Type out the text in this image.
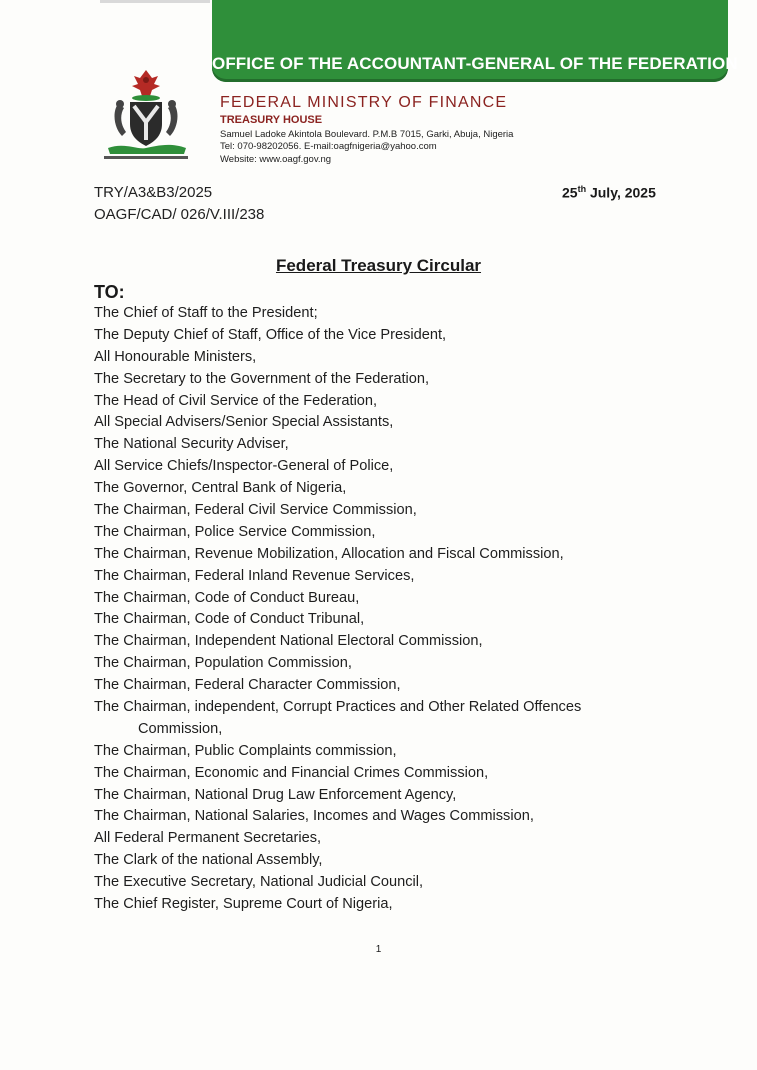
OFFICE OF THE ACCOUNTANT-GENERAL OF THE FEDERATION
FEDERAL MINISTRY OF FINANCE
TREASURY HOUSE
Samuel Ladoke Akintola Boulevard. P.M.B 7015, Garki, Abuja, Nigeria
Tel: 070-98202056. E-mail:oagfnigeria@yahoo.com
Website: www.oagf.gov.ng
TRY/A3&B3/2025
OAGF/CAD/ 026/V.III/238
25th July, 2025
Federal Treasury Circular
TO:
The Chief of Staff to the President;
The Deputy Chief of Staff, Office of the Vice President,
All Honourable Ministers,
The Secretary to the Government of the Federation,
The Head of Civil Service of the Federation,
All Special Advisers/Senior Special Assistants,
The National Security Adviser,
All Service Chiefs/Inspector-General of Police,
The Governor, Central Bank of Nigeria,
The Chairman, Federal Civil Service Commission,
The Chairman, Police Service Commission,
The Chairman, Revenue Mobilization, Allocation and Fiscal Commission,
The Chairman, Federal Inland Revenue Services,
The Chairman, Code of Conduct Bureau,
The Chairman, Code of Conduct Tribunal,
The Chairman, Independent National Electoral Commission,
The Chairman, Population Commission,
The Chairman, Federal Character Commission,
The Chairman, independent, Corrupt Practices and Other Related Offences
Commission,
The Chairman, Public Complaints commission,
The Chairman, Economic and Financial Crimes Commission,
The Chairman, National Drug Law Enforcement Agency,
The Chairman, National Salaries, Incomes and Wages Commission,
All Federal Permanent Secretaries,
The Clark of the national Assembly,
The Executive Secretary, National Judicial Council,
The Chief Register, Supreme Court of Nigeria,
1
